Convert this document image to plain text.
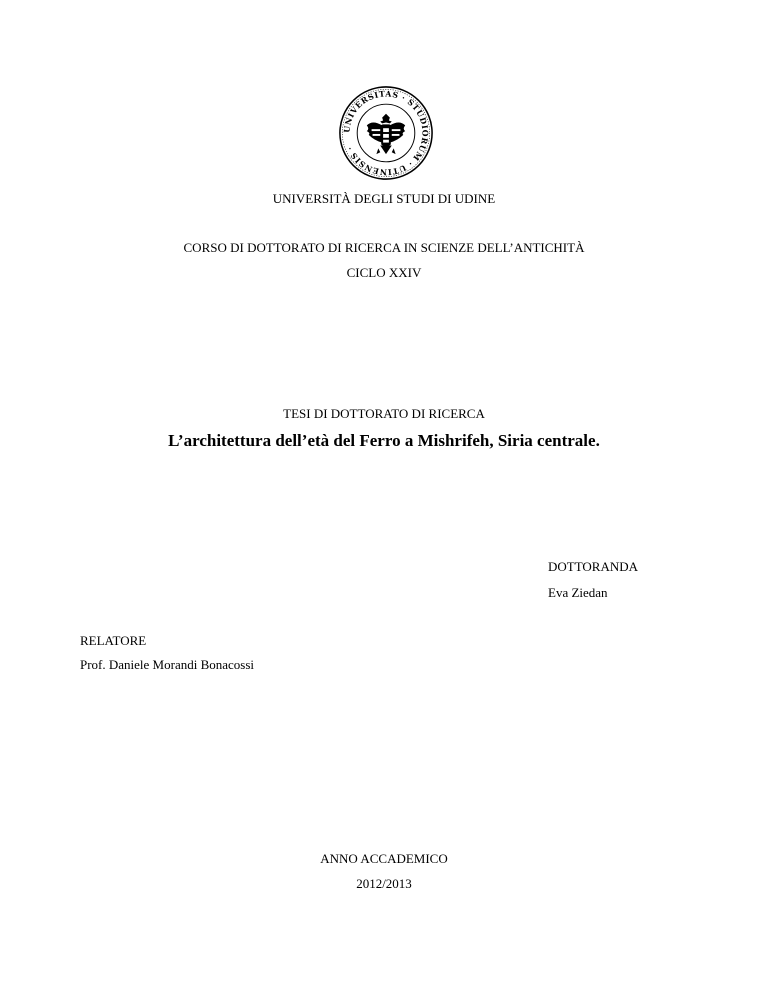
UNIVERSITAS · STUDIORUM · UTINENSIS ·
UNIVERSITÀ DEGLI STUDI DI UDINE
CORSO DI DOTTORATO DI RICERCA IN SCIENZE DELL’ANTICHITÀ
CICLO XXIV
TESI DI DOTTORATO DI RICERCA
L’architettura dell’età del Ferro a Mishrifeh, Siria centrale.
DOTTORANDA
Eva Ziedan
RELATORE
Prof. Daniele Morandi Bonacossi
ANNO ACCADEMICO
2012/2013
